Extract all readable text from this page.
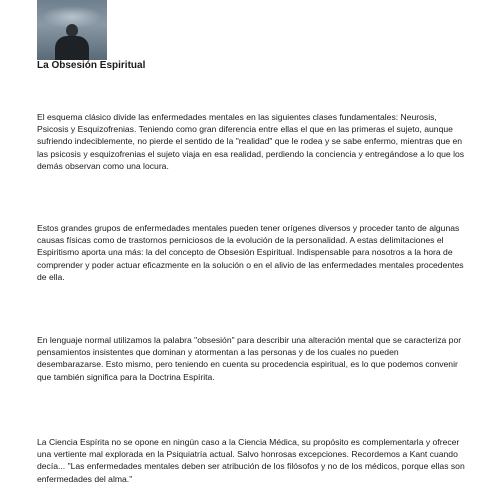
La Obsesión Espiritual

El esquema clásico divide las enfermedades mentales en las siguientes clases fundamentales: Neurosis, Psicosis y Esquizofrenias. Teniendo como gran diferencia entre ellas el que en las primeras el sujeto, aunque sufriendo indeciblemente, no pierde el sentido de la "realidad" que le rodea y se sabe enfermo, mientras que en las psicosis y esquizofrenias el sujeto viaja en esa realidad, perdiendo la conciencia y entregándose a lo que los demás observan como una locura.

Estos grandes grupos de enfermedades mentales pueden tener orígenes diversos y proceder tanto de algunas causas físicas como de trastornos perniciosos de la evolución de la personalidad. A estas delimitaciones el Espiritismo aporta una más: la del concepto de Obsesión Espiritual. Indispensable para nosotros a la hora de comprender y poder actuar eficazmente en la solución o en el alivio de las enfermedades mentales procedentes de ella.

En lenguaje normal utilizamos la palabra "obsesión" para describir una alteración mental que se caracteriza por pensamientos insistentes que dominan y atormentan a las personas y de los cuales no pueden desembarazarse. Esto mismo, pero teniendo en cuenta su procedencia espiritual, es lo que podemos convenir que también significa para la Doctrina Espírita.

La Ciencia Espírita no se opone en ningún caso a la Ciencia Médica, su propósito es complementarla y ofrecer una vertiente mal explorada en la Psiquiatría actual. Salvo honrosas excepciones. Recordemos a Kant cuando decía... "Las enfermedades mentales deben ser atribución de los filósofos y no de los médicos, porque ellas son enfermedades del alma."
